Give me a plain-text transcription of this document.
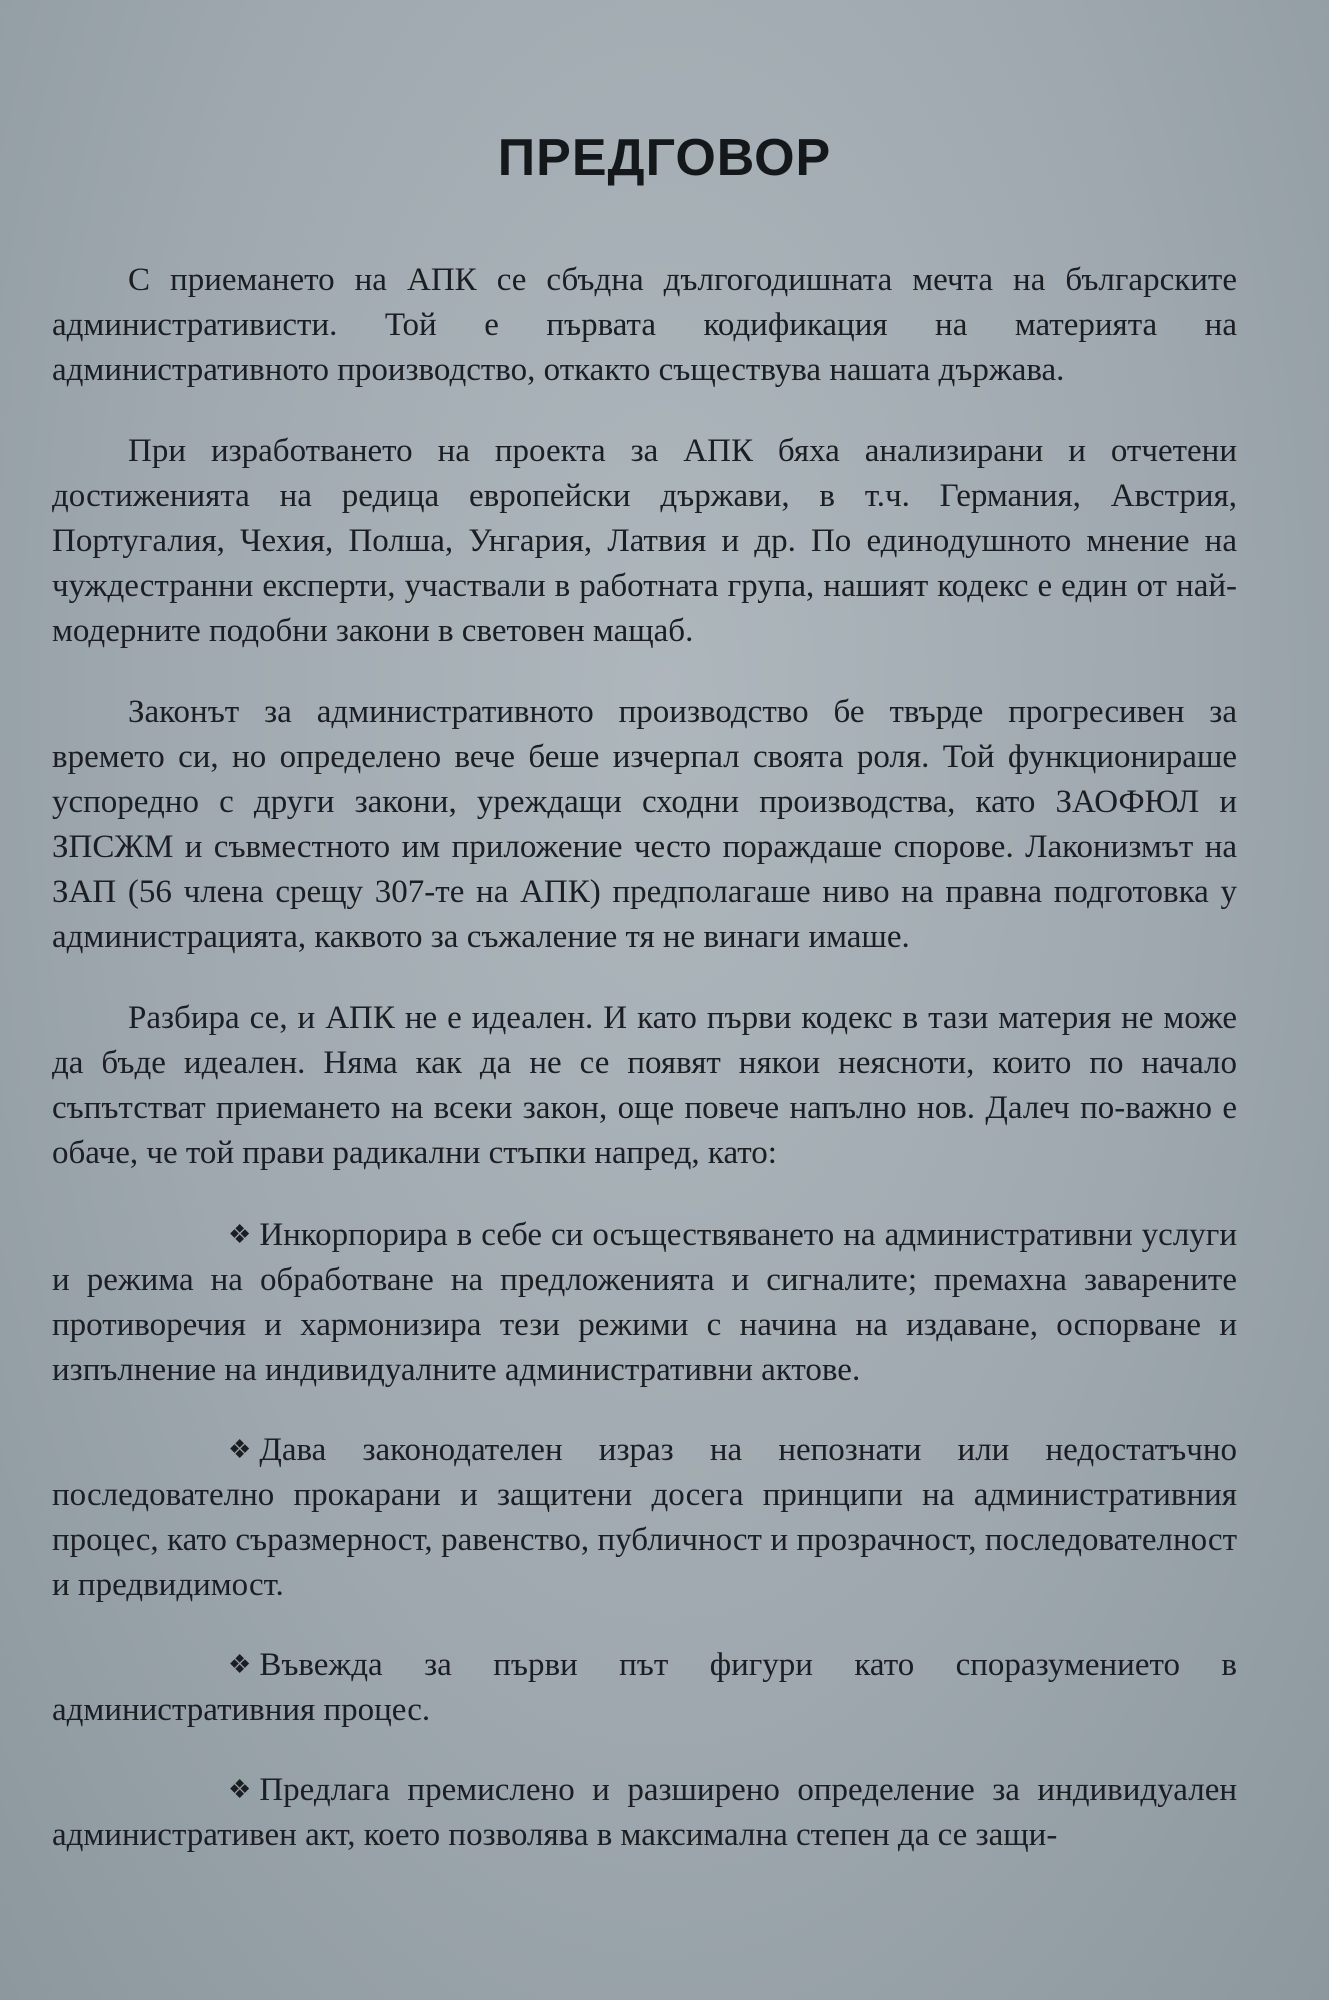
ПРЕДГОВОР

С приемането на АПК се сбъдна дългогодишната мечта на българските административисти. Той е първата кодификация на материята на административното производство, откакто съществува нашата държава.

При изработването на проекта за АПК бяха анализирани и отчетени достиженията на редица европейски държави, в т.ч. Германия, Австрия, Португалия, Чехия, Полша, Унгария, Латвия и др. По единодушното мнение на чуждестранни експерти, участвали в работната група, нашият кодекс е един от най-модерните подобни закони в световен мащаб.

Законът за административното производство бе твърде прогресивен за времето си, но определено вече беше изчерпал своята роля. Той функционираше успоредно с други закони, уреждащи сходни производства, като ЗАОФЮЛ и ЗПСЖМ и съвместното им приложение често пораждаше спорове. Лаконизмът на ЗАП (56 члена срещу 307-те на АПК) предполагаше ниво на правна подготовка у администрацията, каквото за съжаление тя не винаги имаше.

Разбира се, и АПК не е идеален. И като първи кодекс в тази материя не може да бъде идеален. Няма как да не се появят някои неясноти, които по начало съпътстват приемането на всеки закон, още повече напълно нов. Далеч по-важно е обаче, че той прави радикални стъпки напред, като:

❖ Инкорпорира в себе си осъществяването на административни услуги и режима на обработване на предложенията и сигналите; премахна заварените противоречия и хармонизира тези режими с начина на издаване, оспорване и изпълнение на индивидуалните административни актове.

❖ Дава законодателен израз на непознати или недостатъчно последователно прокарани и защитени досега принципи на административния процес, като съразмерност, равенство, публичност и прозрачност, последователност и предвидимост.

❖ Въвежда за първи път фигури като споразумението в административния процес.

❖ Предлага премислено и разширено определение за индивидуален административен акт, което позволява в максимална степен да се защи-
